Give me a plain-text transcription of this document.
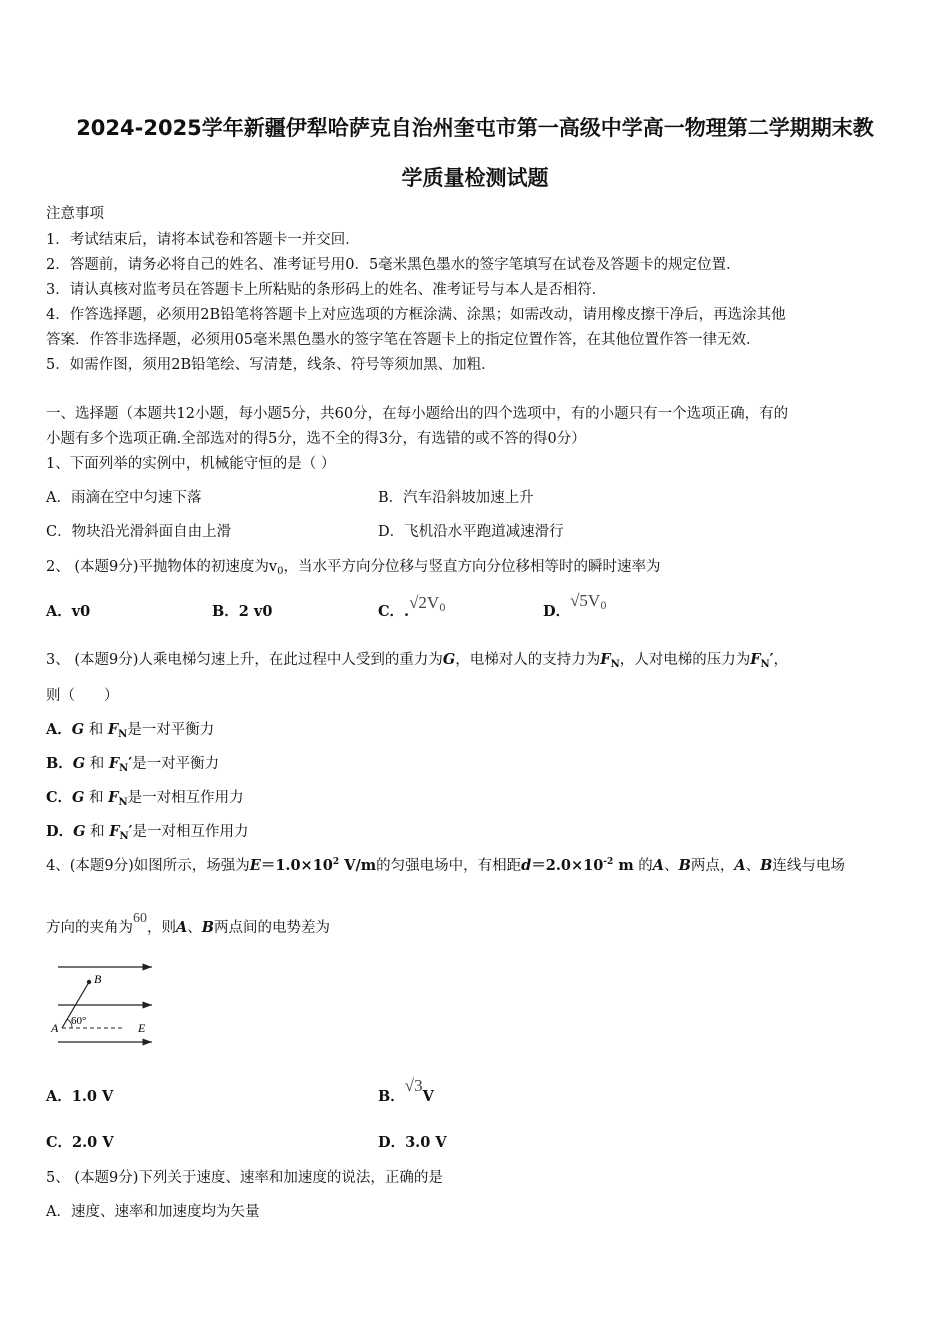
2024-2025学年新疆伊犁哈萨克自治州奎屯市第一高级中学高一物理第二学期期末教
学质量检测试题
注意事项
1．考试结束后，请将本试卷和答题卡一并交回．
2．答题前，请务必将自己的姓名、准考证号用0．5毫米黑色墨水的签字笔填写在试卷及答题卡的规定位置．
3．请认真核对监考员在答题卡上所粘贴的条形码上的姓名、准考证号与本人是否相符．
4．作答选择题，必须用2B铅笔将答题卡上对应选项的方框涂满、涂黑；如需改动，请用橡皮擦干净后，再选涂其他
答案．作答非选择题，必须用05毫米黑色墨水的签字笔在答题卡上的指定位置作答，在其他位置作答一律无效．
5．如需作图，须用2B铅笔绘、写清楚，线条、符号等须加黑、加粗．
一、选择题（本题共12小题，每小题5分，共60分，在每小题给出的四个选项中，有的小题只有一个选项正确，有的
小题有多个选项正确.全部选对的得5分，选不全的得3分，有选错的或不答的得0分）
1、下面列举的实例中，机械能守恒的是（ ）
A．雨滴在空中匀速下落	B．汽车沿斜坡加速上升
C．物块沿光滑斜面自由上滑	D．飞机沿水平跑道减速滑行
2、 (本题9分)平抛物体的初速度为$v_0$，当水平方向分位移与竖直方向分位移相等时的瞬时速率为
A．v0	B．2 v0	C．$.√2V^0$	D．$√5V^0$
3、 (本题9分)人乘电梯匀速上升，在此过程中人受到的重力为G，电梯对人的支持力为$F_N$，人对电梯的压力为$F_N'$，
则（　　）
A．G 和 $F_N$是一对平衡力
B．G 和 $F_N'$是一对平衡力
C．G 和 $F_N$是一对相互作用力
D．G 和 $F_N'$是一对相互作用力
4、(本题9分)如图所示，场强为$E=1.0\times 10^2$ V/m的匀强电场中，有相距$d=2.0\times 10^{-2}$ m 的A、B两点，A、B连线与电场
方向的夹角为60，则A、B两点间的电势差为
B
A	E
60°
A．1.0 V	B．√3V
C．2.0 V	D．3.0 V
5、 (本题9分)下列关于速度、速率和加速度的说法，正确的是
A．速度、速率和加速度均为矢量
